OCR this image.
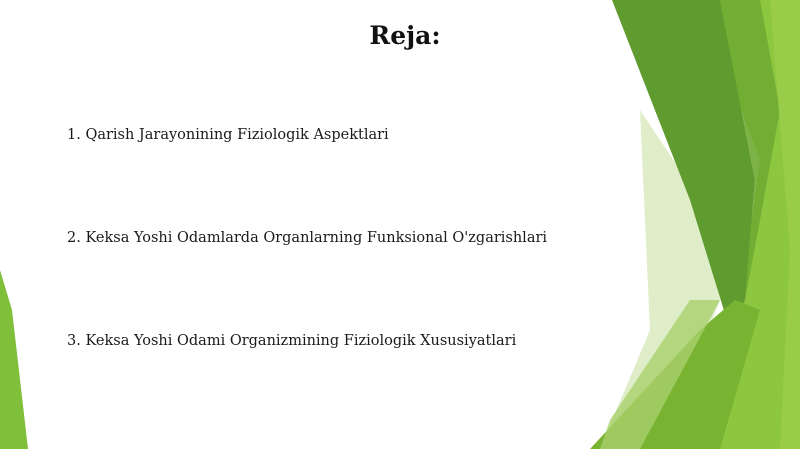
Reja:
1. Qarish Jarayonining Fiziologik Aspektlari
2. Keksa Yoshi Odamlarda Organlarning Funksional O'zgarishlari
3. Keksa Yoshi Odami Organizmining Fiziologik Xususiyatlari
